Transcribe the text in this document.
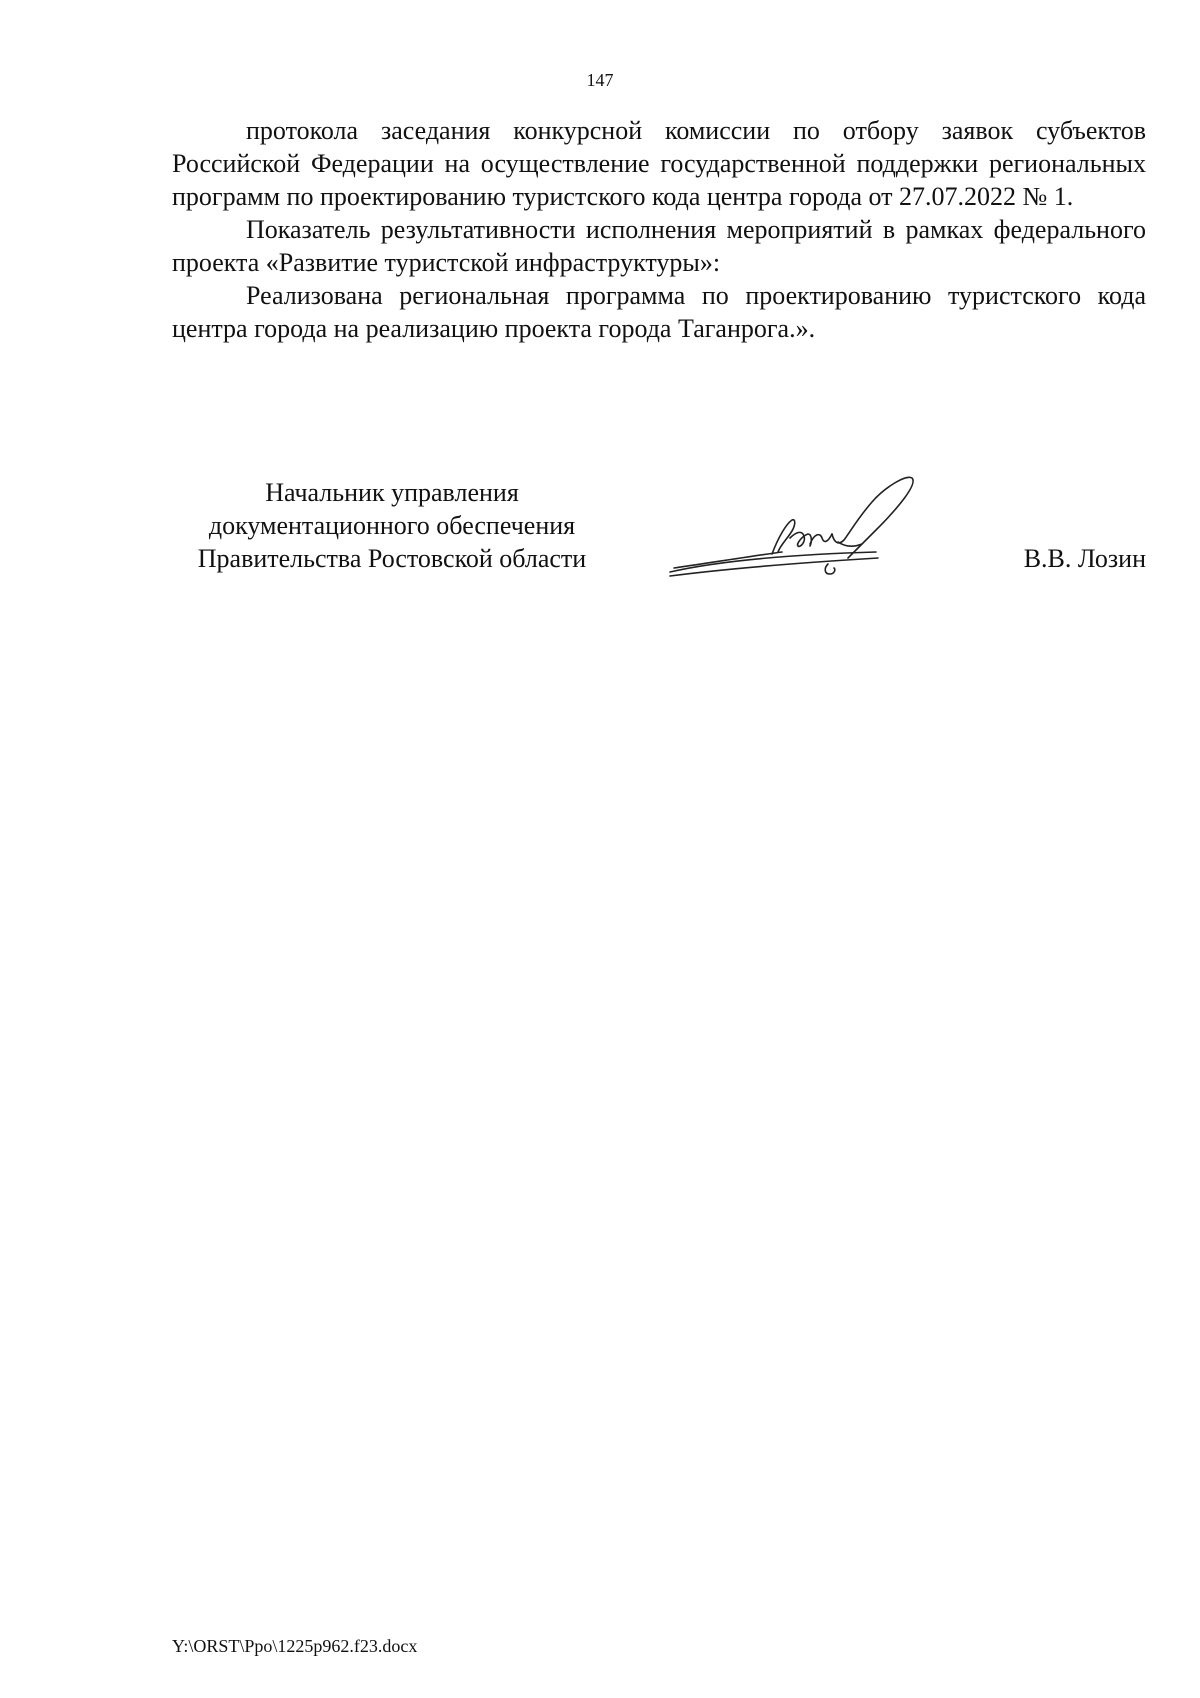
147

протокола заседания конкурсной комиссии по отбору заявок субъектов Российской Федерации на осуществление государственной поддержки региональных программ по проектированию туристского кода центра города от 27.07.2022 № 1.

Показатель результативности исполнения мероприятий в рамках федерального проекта «Развитие туристской инфраструктуры»:

Реализована региональная программа по проектированию туристского кода центра города на реализацию проекта города Таганрога.».

Начальник управления
документационного обеспечения
Правительства Ростовской области	В.В. Лозин
Y:\ORST\Ppo\1225p962.f23.docx
